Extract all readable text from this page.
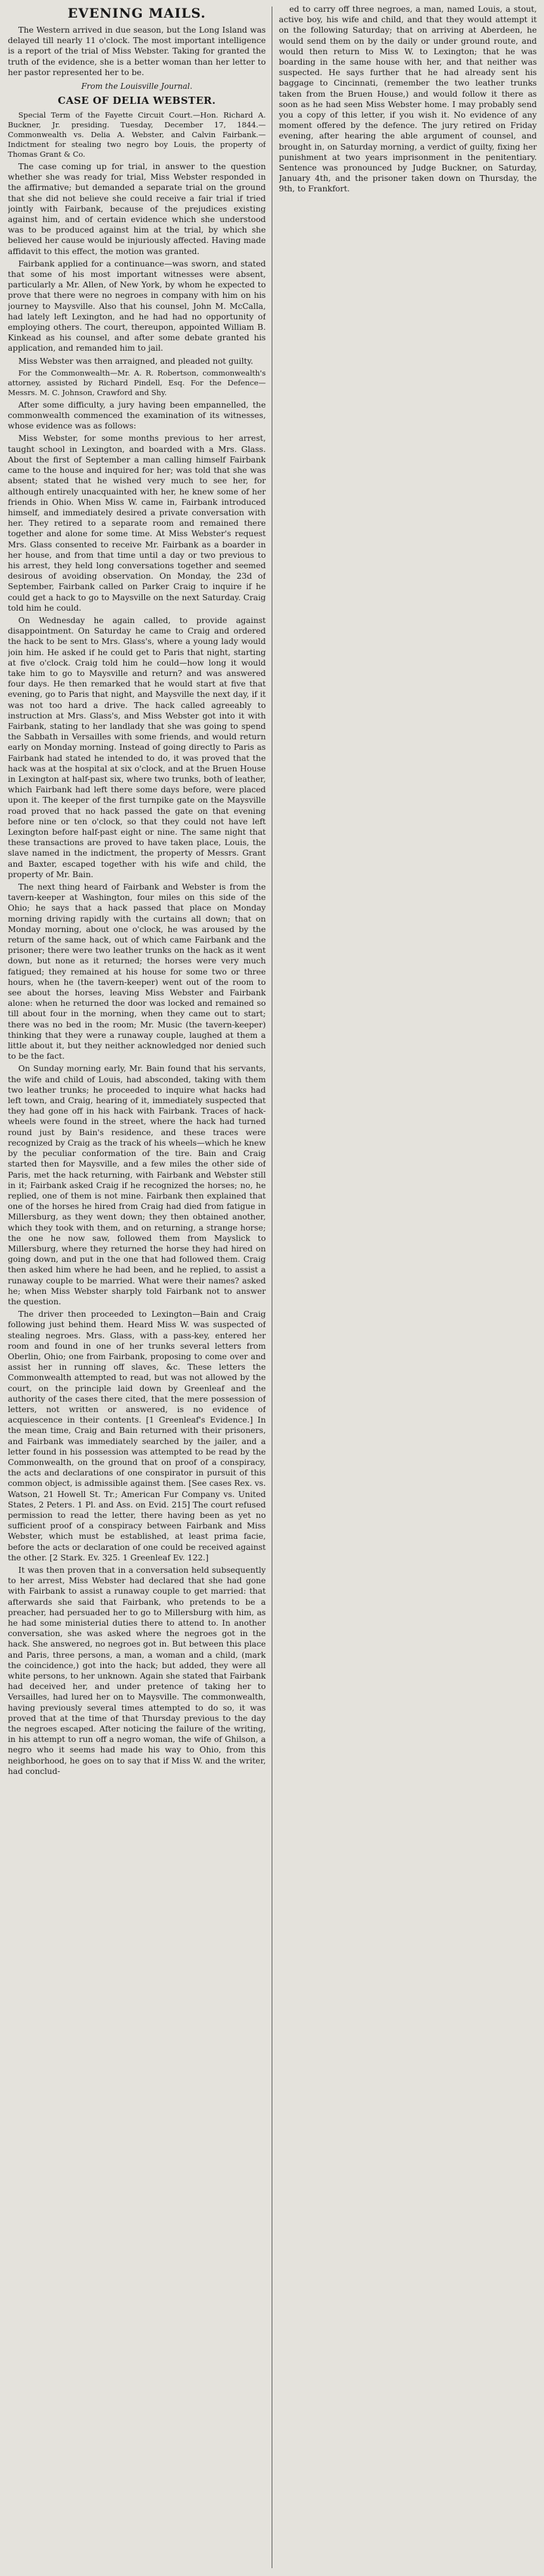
EVENING MAILS.

The Western arrived in due season, but the Long Island was delayed till nearly 11 o'clock. The most important intelligence is a report of the trial of Miss Webster. Taking for granted the truth of the evidence, she is a better woman than her letter to her pastor represented her to be.

From the Louisville Journal.
CASE OF DELIA WEBSTER.

Special Term of the Fayette Circuit Court.—Hon. Richard A. Buckner, Jr. presiding. Tuesday, December 17, 1844.—Commonwealth vs. Delia A. Webster, and Calvin Fairbank.—Indictment for stealing two negro boy Louis, the property of Thomas Grant & Co.

The case coming up for trial, in answer to the question whether she was ready for trial, Miss Webster responded in the affirmative; but demanded a separate trial on the ground that she did not believe she could receive a fair trial if tried jointly with Fairbank, because of the prejudices existing against him, and of certain evidence which she understood was to be produced against him at the trial, by which she believed her cause would be injuriously affected. Having made affidavit to this effect, the motion was granted.

Fairbank applied for a continuance—was sworn, and stated that some of his most important witnesses were absent, particularly a Mr. Allen, of New York, by whom he expected to prove that there were no negroes in company with him on his journey to Maysville. Also that his counsel, John M. McCalla, had lately left Lexington, and he had had no opportunity of employing others. The court, thereupon, appointed William B. Kinkead as his counsel, and after some debate granted his application, and remanded him to jail.

Miss Webster was then arraigned, and pleaded not guilty.

For the Commonwealth—Mr. A. R. Robertson, commonwealth's attorney, assisted by Richard Pindell, Esq. For the Defence—Messrs. M. C. Johnson, Crawford and Shy.

After some difficulty, a jury having been empannelled, the commonwealth commenced the examination of its witnesses, whose evidence was as follows:

Miss Webster, for some months previous to her arrest, taught school in Lexington, and boarded with a Mrs. Glass. About the first of September a man calling himself Fairbank came to the house and inquired for her; was told that she was absent; stated that he wished very much to see her, for although entirely unacquainted with her, he knew some of her friends in Ohio. When Miss W. came in, Fairbank introduced himself, and immediately desired a private conversation with her. They retired to a separate room and remained there together and alone for some time. At Miss Webster's request Mrs. Glass consented to receive Mr. Fairbank as a boarder in her house, and from that time until a day or two previous to his arrest, they held long conversations together and seemed desirous of avoiding observation. On Monday, the 23d of September, Fairbank called on Parker Craig to inquire if he could get a hack to go to Maysville on the next Saturday. Craig told him he could.

On Wednesday he again called, to provide against disappointment. On Saturday he came to Craig and ordered the hack to be sent to Mrs. Glass's, where a young lady would join him. He asked if he could get to Paris that night, starting at five o'clock. Craig told him he could—how long it would take him to go to Maysville and return? and was answered four days. He then remarked that he would start at five that evening, go to Paris that night, and Maysville the next day, if it was not too hard a drive. The hack called agreeably to instruction at Mrs. Glass's, and Miss Webster got into it with Fairbank, stating to her landlady that she was going to spend the Sabbath in Versailles with some friends, and would return early on Monday morning. Instead of going directly to Paris as Fairbank had stated he intended to do, it was proved that the hack was at the hospital at six o'clock, and at the Bruen House in Lexington at half-past six, where two trunks, both of leather, which Fairbank had left there some days before, were placed upon it. The keeper of the first turnpike gate on the Maysville road proved that no hack passed the gate on that evening before nine or ten o'clock, so that they could not have left Lexington before half-past eight or nine. The same night that these transactions are proved to have taken place, Louis, the slave named in the indictment, the property of Messrs. Grant and Baxter, escaped together with his wife and child, the property of Mr. Bain.

The next thing heard of Fairbank and Webster is from the tavern-keeper at Washington, four miles on this side of the Ohio; he says that a hack passed that place on Monday morning driving rapidly with the curtains all down; that on Monday morning, about one o'clock, he was aroused by the return of the same hack, out of which came Fairbank and the prisoner; there were two leather trunks on the hack as it went down, but none as it returned; the horses were very much fatigued; they remained at his house for some two or three hours, when he (the tavern-keeper) went out of the room to see about the horses, leaving Miss Webster and Fairbank alone: when he returned the door was locked and remained so till about four in the morning, when they came out to start; there was no bed in the room; Mr. Music (the tavern-keeper) thinking that they were a runaway couple, laughed at them a little about it, but they neither acknowledged nor denied such to be the fact.

On Sunday morning early, Mr. Bain found that his servants, the wife and child of Louis, had absconded, taking with them two leather trunks; he proceeded to inquire what hacks had left town, and Craig, hearing of it, immediately suspected that they had gone off in his hack with Fairbank. Traces of hack-wheels were found in the street, where the hack had turned round just by Bain's residence, and these traces were recognized by Craig as the track of his wheels—which he knew by the peculiar conformation of the tire. Bain and Craig started then for Maysville, and a few miles the other side of Paris, met the hack returning, with Fairbank and Webster still in it; Fairbank asked Craig if he recognized the horses; no, he replied, one of them is not mine. Fairbank then explained that one of the horses he hired from Craig had died from fatigue in Millersburg, as they went down; they then obtained another, which they took with them, and on returning, a strange horse; the one he now saw, followed them from Mayslick to Millersburg, where they returned the horse they had hired on going down, and put in the one that had followed them. Craig then asked him where he had been, and he replied, to assist a runaway couple to be married. What were their names? asked he; when Miss Webster sharply told Fairbank not to answer the question.

The driver then proceeded to Lexington—Bain and Craig following just behind them. Heard Miss W. was suspected of stealing negroes. Mrs. Glass, with a pass-key, entered her room and found in one of her trunks several letters from Oberlin, Ohio; one from Fairbank, proposing to come over and assist her in running off slaves, &c. These letters the Commonwealth attempted to read, but was not allowed by the court, on the principle laid down by Greenleaf and the authority of the cases there cited, that the mere possession of letters, not written or answered, is no evidence of acquiescence in their contents. [1 Greenleaf's Evidence.] In the mean time, Craig and Bain returned with their prisoners, and Fairbank was immediately searched by the jailer, and a letter found in his possession was attempted to be read by the Commonwealth, on the ground that on proof of a conspiracy, the acts and declarations of one conspirator in pursuit of this common object, is admissible against them. [See cases Rex. vs. Watson, 21 Howell St. Tr.; American Fur Company vs. United States, 2 Peters. 1 Pl. and Ass. on Evid. 215] The court refused permission to read the letter, there having been as yet no sufficient proof of a conspiracy between Fairbank and Miss Webster, which must be established, at least prima facie, before the acts or declaration of one could be received against the other. [2 Stark. Ev. 325. 1 Greenleaf Ev. 122.]

It was then proven that in a conversation held subsequently to her arrest, Miss Webster had declared that she had gone with Fairbank to assist a runaway couple to get married: that afterwards she said that Fairbank, who pretends to be a preacher, had persuaded her to go to Millersburg with him, as he had some ministerial duties there to attend to. In another conversation, she was asked where the negroes got in the hack. She answered, no negroes got in. But between this place and Paris, three persons, a man, a woman and a child, (mark the coincidence,) got into the hack; but added, they were all white persons, to her unknown. Again she stated that Fairbank had deceived her, and under pretence of taking her to Versailles, had lured her on to Maysville. The commonwealth, having previously several times attempted to do so, it was proved that at the time of that Thursday previous to the day the negroes escaped. After noticing the failure of the writing, in his attempt to run off a negro woman, the wife of Ghilson, a negro who it seems had made his way to Ohio, from this neighborhood, he goes on to say that if Miss W. and the writer, had conclud-

ed to carry off three negroes, a man, named Louis, a stout, active boy, his wife and child, and that they would attempt it on the following Saturday; that on arriving at Aberdeen, he would send them on by the daily or under ground route, and would then return to Miss W. to Lexington; that he was boarding in the same house with her, and that neither was suspected. He says further that he had already sent his baggage to Cincinnati, (remember the two leather trunks taken from the Bruen House,) and would follow it there as soon as he had seen Miss Webster home. I may probably send you a copy of this letter, if you wish it. No evidence of any moment offered by the defence. The jury retired on Friday evening, after hearing the able argument of counsel, and brought in, on Saturday morning, a verdict of guilty, fixing her punishment at two years imprisonment in the penitentiary. Sentence was pronounced by Judge Buckner, on Saturday, January 4th, and the prisoner taken down on Thursday, the 9th, to Frankfort.
